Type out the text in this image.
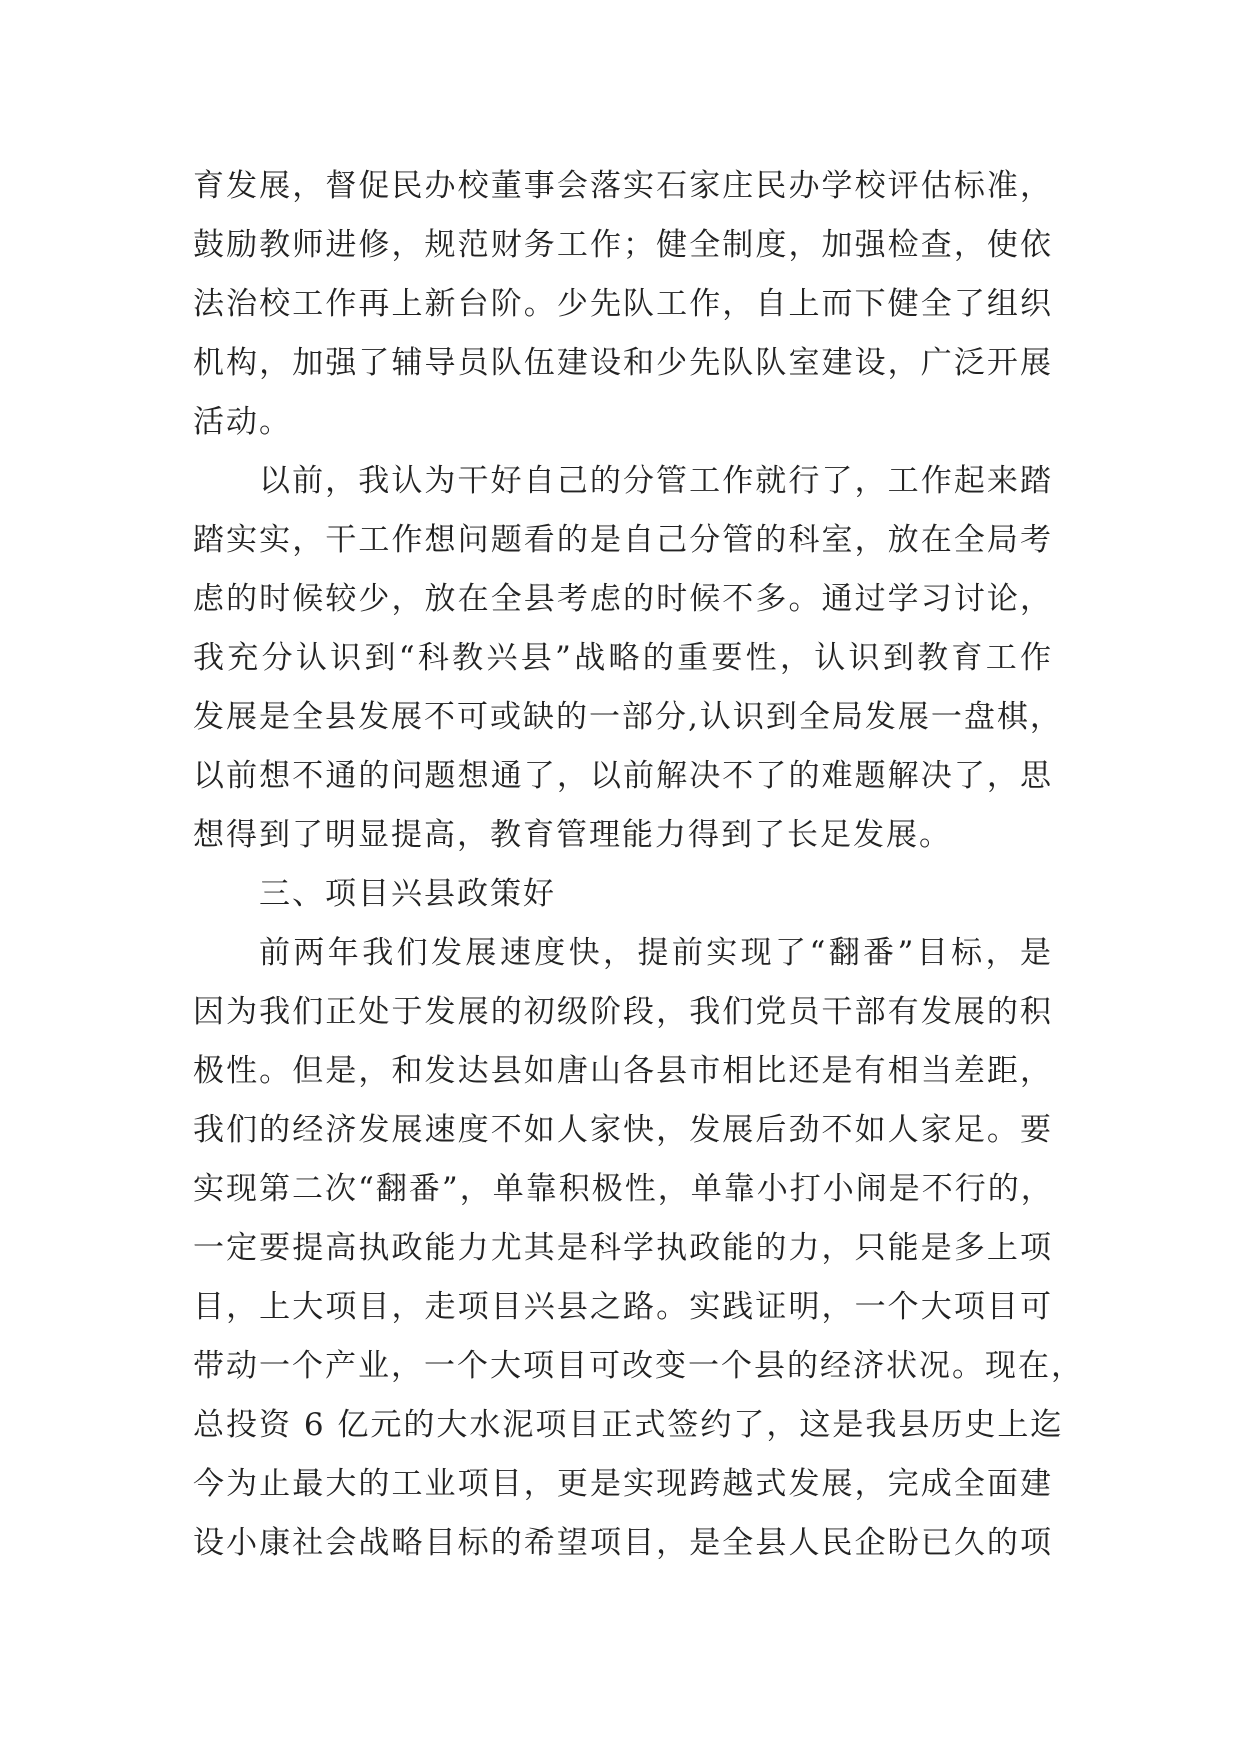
育发展，督促民办校董事会落实石家庄民办学校评估标准，
鼓励教师进修，规范财务工作；健全制度，加强检查，使依
法治校工作再上新台阶。少先队工作，自上而下健全了组织
机构，加强了辅导员队伍建设和少先队队室建设，广泛开展
活动。
以前，我认为干好自己的分管工作就行了，工作起来踏
踏实实，干工作想问题看的是自己分管的科室，放在全局考
虑的时候较少，放在全县考虑的时候不多。通过学习讨论，
我充分认识到“科教兴县”战略的重要性，认识到教育工作
发展是全县发展不可或缺的一部分,认识到全局发展一盘棋，
以前想不通的问题想通了，以前解决不了的难题解决了，思
想得到了明显提高，教育管理能力得到了长足发展。
三、项目兴县政策好
前两年我们发展速度快，提前实现了“翻番”目标，是
因为我们正处于发展的初级阶段，我们党员干部有发展的积
极性。但是，和发达县如唐山各县市相比还是有相当差距，
我们的经济发展速度不如人家快，发展后劲不如人家足。要
实现第二次“翻番”，单靠积极性，单靠小打小闹是不行的，
一定要提高执政能力尤其是科学执政能的力，只能是多上项
目，上大项目，走项目兴县之路。实践证明，一个大项目可
带动一个产业，一个大项目可改变一个县的经济状况。现在，
总投资 6 亿元的大水泥项目正式签约了，这是我县历史上迄
今为止最大的工业项目，更是实现跨越式发展，完成全面建
设小康社会战略目标的希望项目，是全县人民企盼已久的项
